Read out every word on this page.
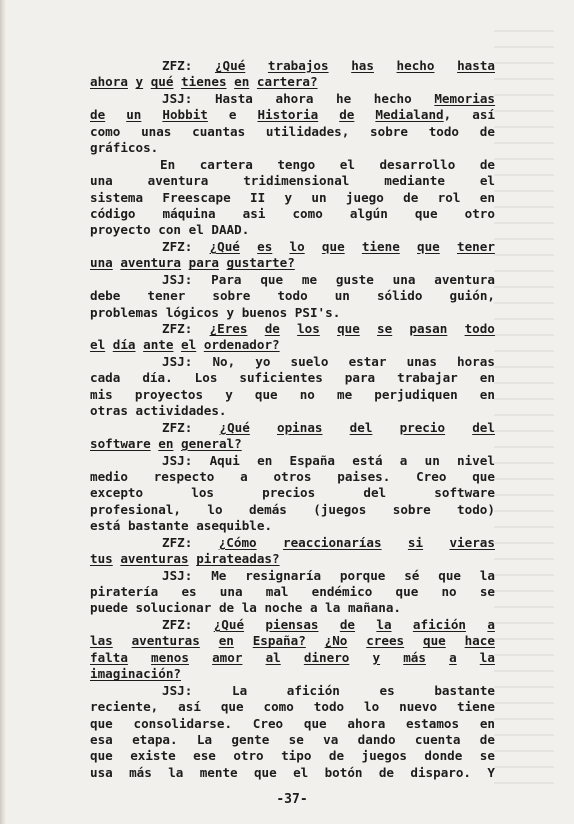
ZFZ: ¿Qué trabajos has hecho hasta
ahora
y
qué
tienes
en
cartera?
JSJ: Hasta ahora he hecho Memorias
de un Hobbit e Historia de Medialand, así
como unas cuantas utilidades, sobre todo de
gráficos.
En cartera tengo el desarrollo de
una	aventura	tridimensional	mediante	el
sistema Freescape II y un juego de rol en
código máquina asi como algún que otro
proyecto
con
el
DAAD.
ZFZ: ¿Qué es lo que tiene que tener
una
aventura
para
gustarte?
JSJ: Para que me guste una aventura
debe tener sobre todo un sólido guión,
problemas
lógicos
y
buenos
PSI's.
ZFZ: ¿Eres de los que se pasan todo
el
día
ante
el
ordenador?
JSJ: No, yo suelo estar unas horas
cada día. Los suficientes para trabajar en
mis proyectos y que no me perjudiquen en
otras
actividades.
ZFZ: ¿Qué opinas del precio del
software
en
general?
JSJ: Aqui en España está a un nivel
medio respecto a otros paises. Creo que
excepto	los	precios	del	software
profesional, lo demás (juegos sobre todo)
está
bastante
asequible.
ZFZ: ¿Cómo reaccionarías si vieras
tus
aventuras
pirateadas?
JSJ: Me resignaría porque sé que la
piratería es una mal endémico que no se
puede
solucionar
de
la
noche
a
la
mañana.
ZFZ: ¿Qué piensas de la afición a
las aventuras en España? ¿No crees que hace
falta menos amor al dinero y más a la
imaginación?
JSJ:	La	afición	es	bastante
reciente, así que como todo lo nuevo tiene
que consolidarse. Creo que ahora estamos en
esa etapa. La gente se va dando cuenta de
que existe ese otro tipo de juegos donde se
usa más la mente que el botón de disparo. Y
-37-
